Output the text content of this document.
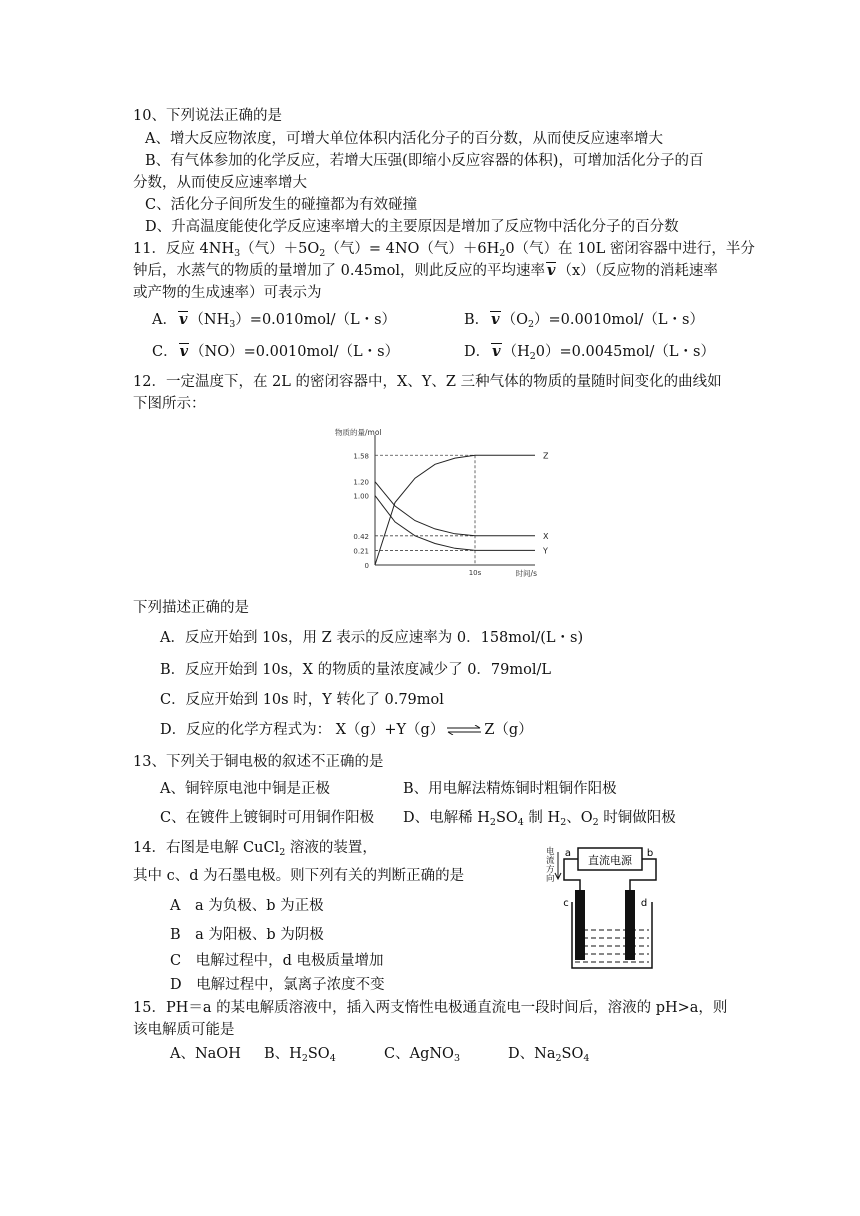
10、下列说法正确的是
A、增大反应物浓度，可增大单位体积内活化分子的百分数，从而使反应速率增大
B、有气体参加的化学反应，若增大压强(即缩小反应容器的体积)，可增加活化分子的百
分数，从而使反应速率增大
C、活化分子间所发生的碰撞都为有效碰撞
D、升高温度能使化学反应速率增大的主要原因是增加了反应物中活化分子的百分数
11．反应 $4NH_3$（气）$+5O_2$（气）= 4NO（气）$+6H_20$（气）在 10L 密闭容器中进行，半分
钟后，水蒸气的物质的量增加了 0.45mol，则此反应的平均速率 v （x）（反应物的消耗速率
或产物的生成速率）可表示为
A． v $(NH_3)=0.010mol/(L$・s）	B． v $(O_2)=0.0010mol/(L$・s）
C． v （NO）=0.0010mol/（L・s）	D． v $(H_20)=0.0045mol/(L$・s）
12．一定温度下，在 2L 的密闭容器中，X、Y、Z 三种气体的物质的量随时间变化的曲线如
下图所示：
物质的量/mol
时间/s
1.58
1.20
1.00
0.42
0.21
0
10s
Z
X
Y
下列描述正确的是
A．反应开始到 10s，用 Z 表示的反应速率为 0．158mol/(L・s)
B．反应开始到 10s，X 的物质的量浓度减少了 0．79mol/L
C．反应开始到 10s 时，Y 转化了 0.79mol
D．反应的化学方程式为： X（g）+Y（g） ⇌ Z（g）
13、下列关于铜电极的叙述不正确的是
A、铜锌原电池中铜是正极	B、用电解法精炼铜时粗铜作阳极
C、在镀件上镀铜时可用铜作阳极 D、电解稀 $H_2SO_4$ 制 $H_2$、$O_2$ 时铜做阳极
14．右图是电解 CuCl$_2$ 溶液的装置，
其中 c、d 为石墨电极。则下列有关的判断正确的是
A　a 为负极、b 为正极
B　a 为阳极、b 为阴极
C　电解过程中，d 电极质量增加
D　电解过程中，氯离子浓度不变
直流电源
a	b
电 流 方 向
c	d
15．PH＝a 的某电解质溶液中，插入两支惰性电极通直流电一段时间后，溶液的 pH>a，则
该电解质可能是
A、NaOH B、$H_2SO_4$	C、AgNO$_3$	D、$Na_2SO_4$
